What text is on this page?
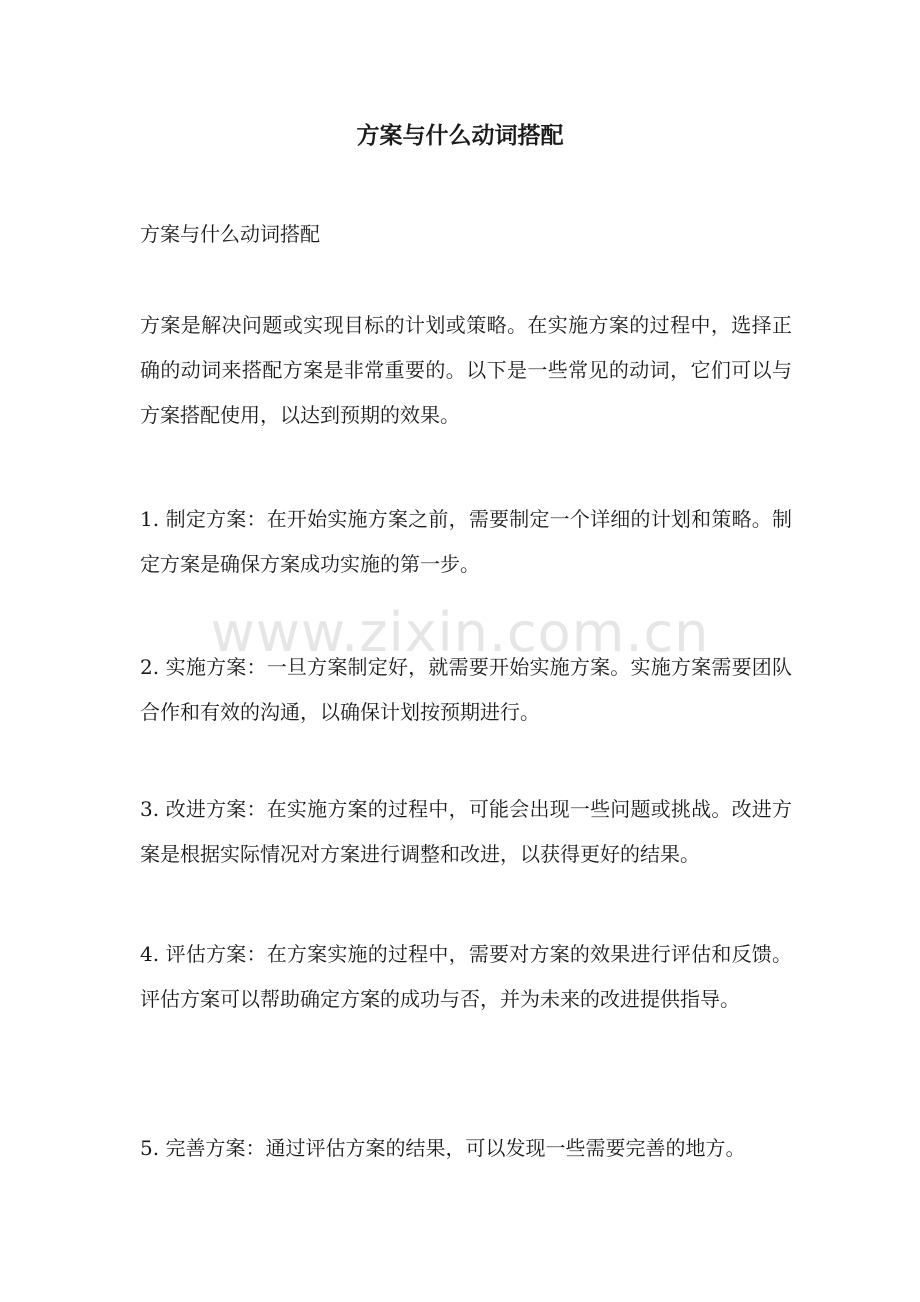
方案与什么动词搭配

方案与什么动词搭配

方案是解决问题或实现目标的计划或策略。在实施方案的过程中，选择正确的动词来搭配方案是非常重要的。以下是一些常见的动词，它们可以与方案搭配使用，以达到预期的效果。

1. 制定方案：在开始实施方案之前，需要制定一个详细的计划和策略。制定方案是确保方案成功实施的第一步。

2. 实施方案：一旦方案制定好，就需要开始实施方案。实施方案需要团队合作和有效的沟通，以确保计划按预期进行。

3. 改进方案：在实施方案的过程中，可能会出现一些问题或挑战。改进方案是根据实际情况对方案进行调整和改进，以获得更好的结果。

4. 评估方案：在方案实施的过程中，需要对方案的效果进行评估和反馈。评估方案可以帮助确定方案的成功与否，并为未来的改进提供指导。

5. 完善方案：通过评估方案的结果，可以发现一些需要完善的地方。

www.zixin.com.cn
